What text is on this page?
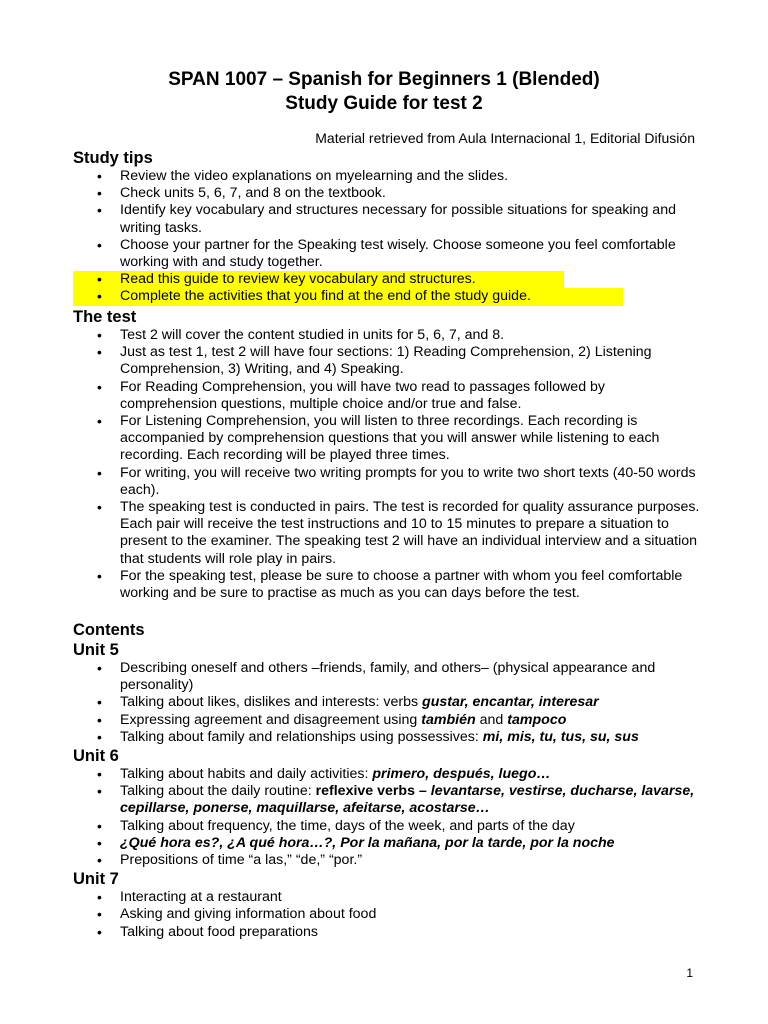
SPAN 1007 – Spanish for Beginners 1 (Blended)

Study Guide for test 2

Material retrieved from Aula Internacional 1, Editorial Difusión

Study tips
• Review the video explanations on myelearning and the slides.
• Check units 5, 6, 7, and 8 on the textbook.
• Identify key vocabulary and structures necessary for possible situations for speaking and writing tasks.
• Choose your partner for the Speaking test wisely. Choose someone you feel comfortable working with and study together.
• Read this guide to review key vocabulary and structures.
• Complete the activities that you find at the end of the study guide.
The test
• Test 2 will cover the content studied in units for 5, 6, 7, and 8.
• Just as test 1, test 2 will have four sections: 1) Reading Comprehension, 2) Listening Comprehension, 3) Writing, and 4) Speaking.
• For Reading Comprehension, you will have two read to passages followed by comprehension questions, multiple choice and/or true and false.
• For Listening Comprehension, you will listen to three recordings. Each recording is accompanied by comprehension questions that you will answer while listening to each recording. Each recording will be played three times.
• For writing, you will receive two writing prompts for you to write two short texts (40-50 words each).
• The speaking test is conducted in pairs. The test is recorded for quality assurance purposes. Each pair will receive the test instructions and 10 to 15 minutes to prepare a situation to present to the examiner. The speaking test 2 will have an individual interview and a situation that students will role play in pairs.
• For the speaking test, please be sure to choose a partner with whom you feel comfortable working and be sure to practise as much as you can days before the test.
Contents
Unit 5
• Describing oneself and others –friends, family, and others– (physical appearance and personality)
• Talking about likes, dislikes and interests: verbs gustar, encantar, interesar
• Expressing agreement and disagreement using también and tampoco
• Talking about family and relationships using possessives: mi, mis, tu, tus, su, sus
Unit 6
• Talking about habits and daily activities: primero, después, luego…
• Talking about the daily routine: reflexive verbs – levantarse, vestirse, ducharse, lavarse, cepillarse, ponerse, maquillarse, afeitarse, acostarse…
• Talking about frequency, the time, days of the week, and parts of the day
• ¿Qué hora es?, ¿A qué hora…?, Por la mañana, por la tarde, por la noche
• Prepositions of time “a las,” “de,” “por.”
Unit 7
• Interacting at a restaurant
• Asking and giving information about food
• Talking about food preparations
1
